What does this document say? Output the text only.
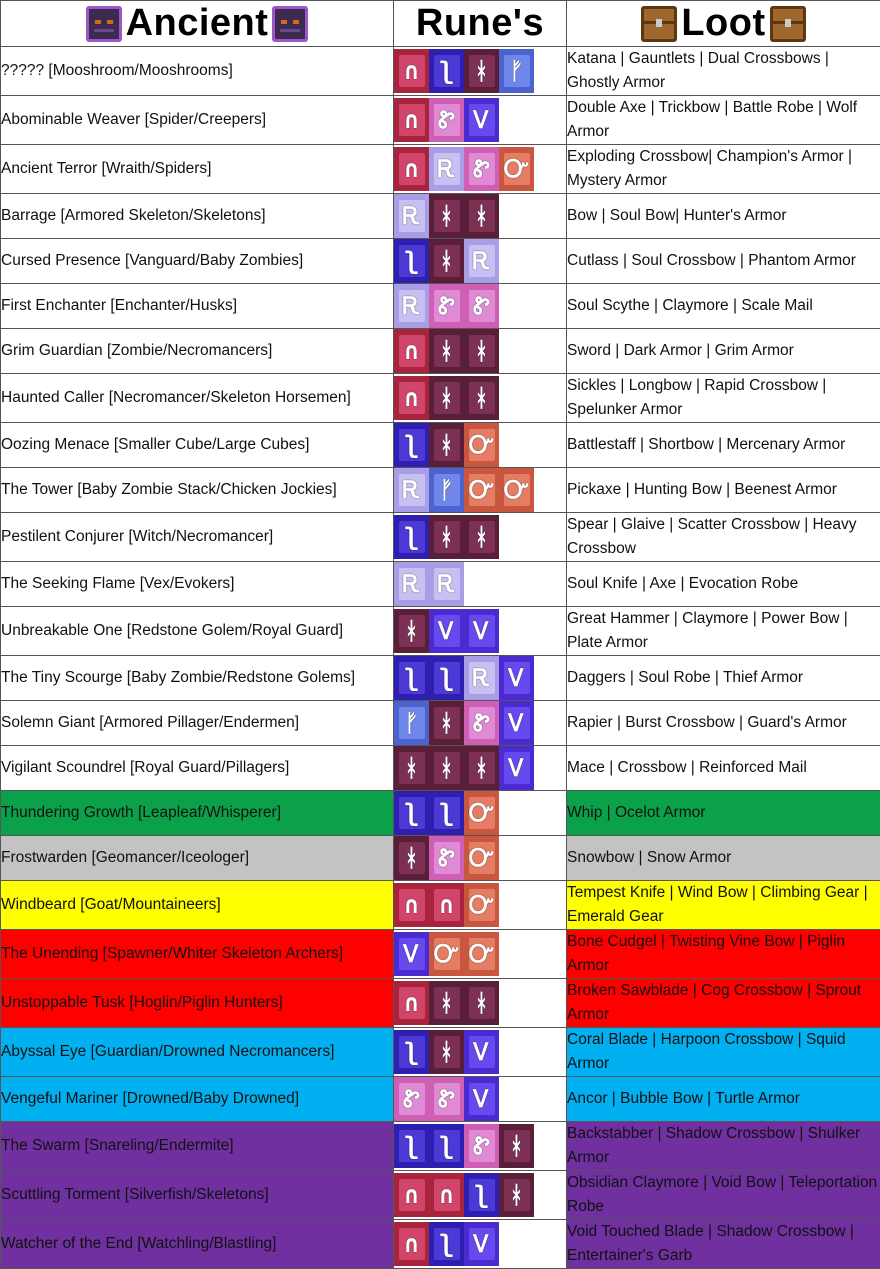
Ancient	Rune's	Loot

????? [Mooshroom/Mooshrooms]	∩ ʅ ᚼ ᚠ	Katana | Gauntlets | Dual Crossbows | Ghostly Armor
Abominable Weaver [Spider/Creepers]	∩ Ꮡ Ꮩ	Double Axe | Trickbow | Battle Robe | Wolf Armor
Ancient Terror [Wraith/Spiders]	∩ Ꭱ Ꮡ Ꮕ	Exploding Crossbow| Champion's Armor | Mystery Armor
Barrage [Armored Skeleton/Skeletons]	Ꭱ ᚼ ᚼ	Bow | Soul Bow| Hunter's Armor
Cursed Presence [Vanguard/Baby Zombies]	ʅ ᚼ Ꭱ	Cutlass | Soul Crossbow | Phantom Armor
First Enchanter [Enchanter/Husks]	Ꭱ Ꮡ Ꮡ	Soul Scythe | Claymore | Scale Mail
Grim Guardian [Zombie/Necromancers]	∩ ᚼ ᚼ	Sword | Dark Armor | Grim Armor
Haunted Caller [Necromancer/Skeleton Horsemen]	∩ ᚼ ᚼ	Sickles | Longbow | Rapid Crossbow | Spelunker Armor
Oozing Menace [Smaller Cube/Large Cubes]	ʅ ᚼ Ꮕ	Battlestaff | Shortbow | Mercenary Armor
The Tower [Baby Zombie Stack/Chicken Jockies]	Ꭱ ᚠ Ꮕ Ꮕ	Pickaxe | Hunting Bow | Beenest Armor
Pestilent Conjurer [Witch/Necromancer]	ʅ ᚼ ᚼ	Spear | Glaive | Scatter Crossbow | Heavy Crossbow
The Seeking Flame [Vex/Evokers]	Ꭱ Ꭱ	Soul Knife | Axe | Evocation Robe
Unbreakable One [Redstone Golem/Royal Guard]	ᚼ Ꮩ Ꮩ	Great Hammer | Claymore | Power Bow | Plate Armor
The Tiny Scourge [Baby Zombie/Redstone Golems]	ʅ ʅ Ꭱ Ꮩ	Daggers | Soul Robe | Thief Armor
Solemn Giant [Armored Pillager/Endermen]	ᚠ ᚼ Ꮡ Ꮩ	Rapier | Burst Crossbow | Guard's Armor
Vigilant Scoundrel [Royal Guard/Pillagers]	ᚼ ᚼ ᚼ Ꮩ	Mace | Crossbow | Reinforced Mail
Thundering Growth [Leapleaf/Whisperer]	ʅ ʅ Ꮕ	Whip | Ocelot Armor
Frostwarden [Geomancer/Iceologer]	ᚼ Ꮡ Ꮕ	Snowbow | Snow Armor
Windbeard [Goat/Mountaineers]	∩ ∩ Ꮕ	Tempest Knife | Wind Bow | Climbing Gear | Emerald Gear
The Unending [Spawner/Whiter Skeleton Archers]	Ꮩ Ꮕ Ꮕ	Bone Cudgel | Twisting Vine Bow | Piglin Armor
Unstoppable Tusk [Hoglin/Piglin Hunters]	∩ ᚼ ᚼ	Broken Sawblade | Cog Crossbow | Sprout Armor
Abyssal Eye [Guardian/Drowned Necromancers]	ʅ ᚼ Ꮩ	Coral Blade | Harpoon Crossbow | Squid Armor
Vengeful Mariner [Drowned/Baby Drowned]	Ꮡ Ꮡ Ꮩ	Ancor | Bubble Bow | Turtle Armor
The Swarm [Snareling/Endermite]	ʅ ʅ Ꮡ ᚼ	Backstabber | Shadow Crossbow | Shulker Armor
Scuttling Torment [Silverfish/Skeletons]	∩ ∩ ʅ ᚼ	Obsidian Claymore | Void Bow | Teleportation Robe
Watcher of the End [Watchling/Blastling]	∩ ʅ Ꮩ	Void Touched Blade | Shadow Crossbow | Entertainer's Garb
